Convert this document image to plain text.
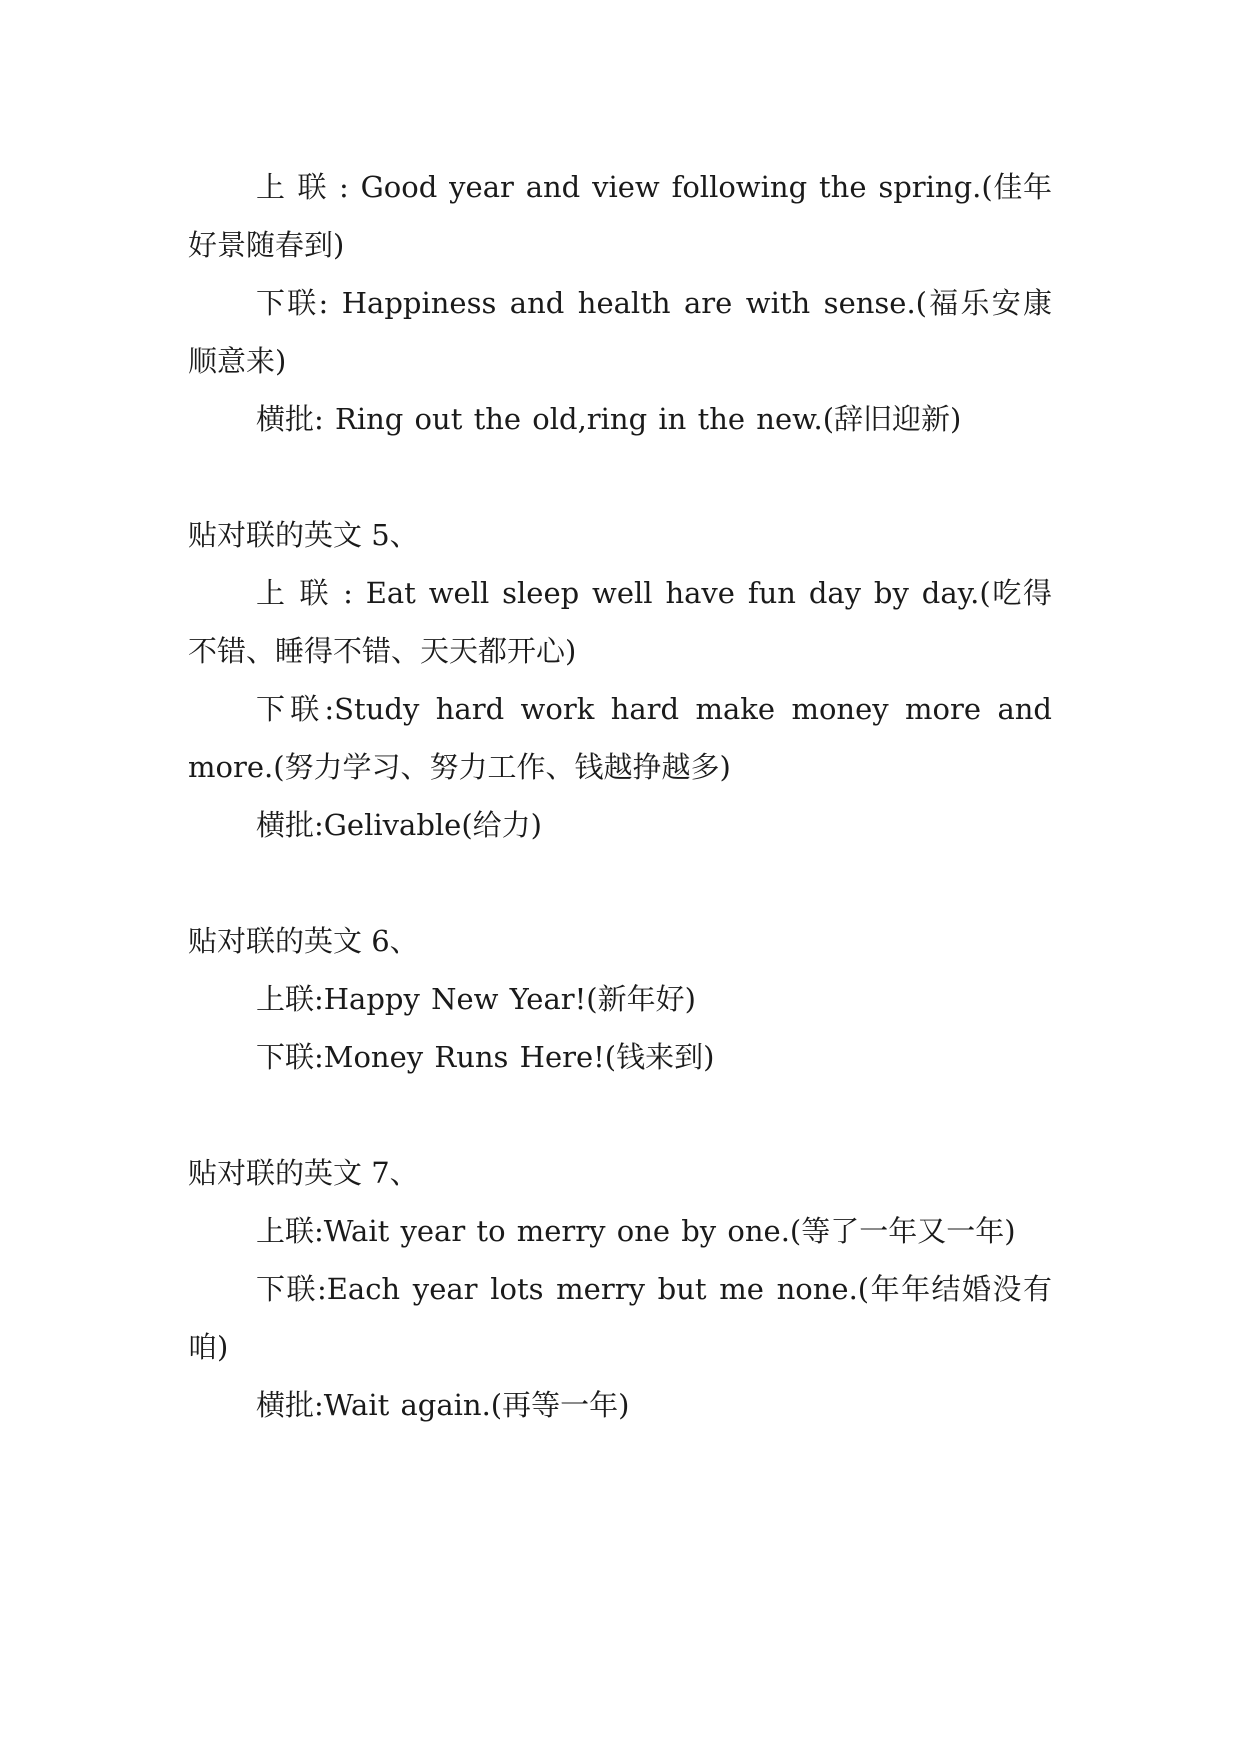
上 联 : Good year and view following the spring.(佳年好景随春到)

下联: Happiness and health are with sense.(福乐安康顺意来)

横批: Ring out the old,ring in the new.(辞旧迎新)

贴对联的英文 5、

上 联 : Eat well sleep well have fun day by day.(吃得不错、睡得不错、天天都开心)

下联:Study hard work hard make money more and more.(努力学习、努力工作、钱越挣越多)

横批:Gelivable(给力)

贴对联的英文 6、

上联:Happy New Year!(新年好)

下联:Money Runs Here!(钱来到)

贴对联的英文 7、

上联:Wait year to merry one by one.(等了一年又一年)

下联:Each year lots merry but me none.(年年结婚没有咱)

横批:Wait again.(再等一年)
